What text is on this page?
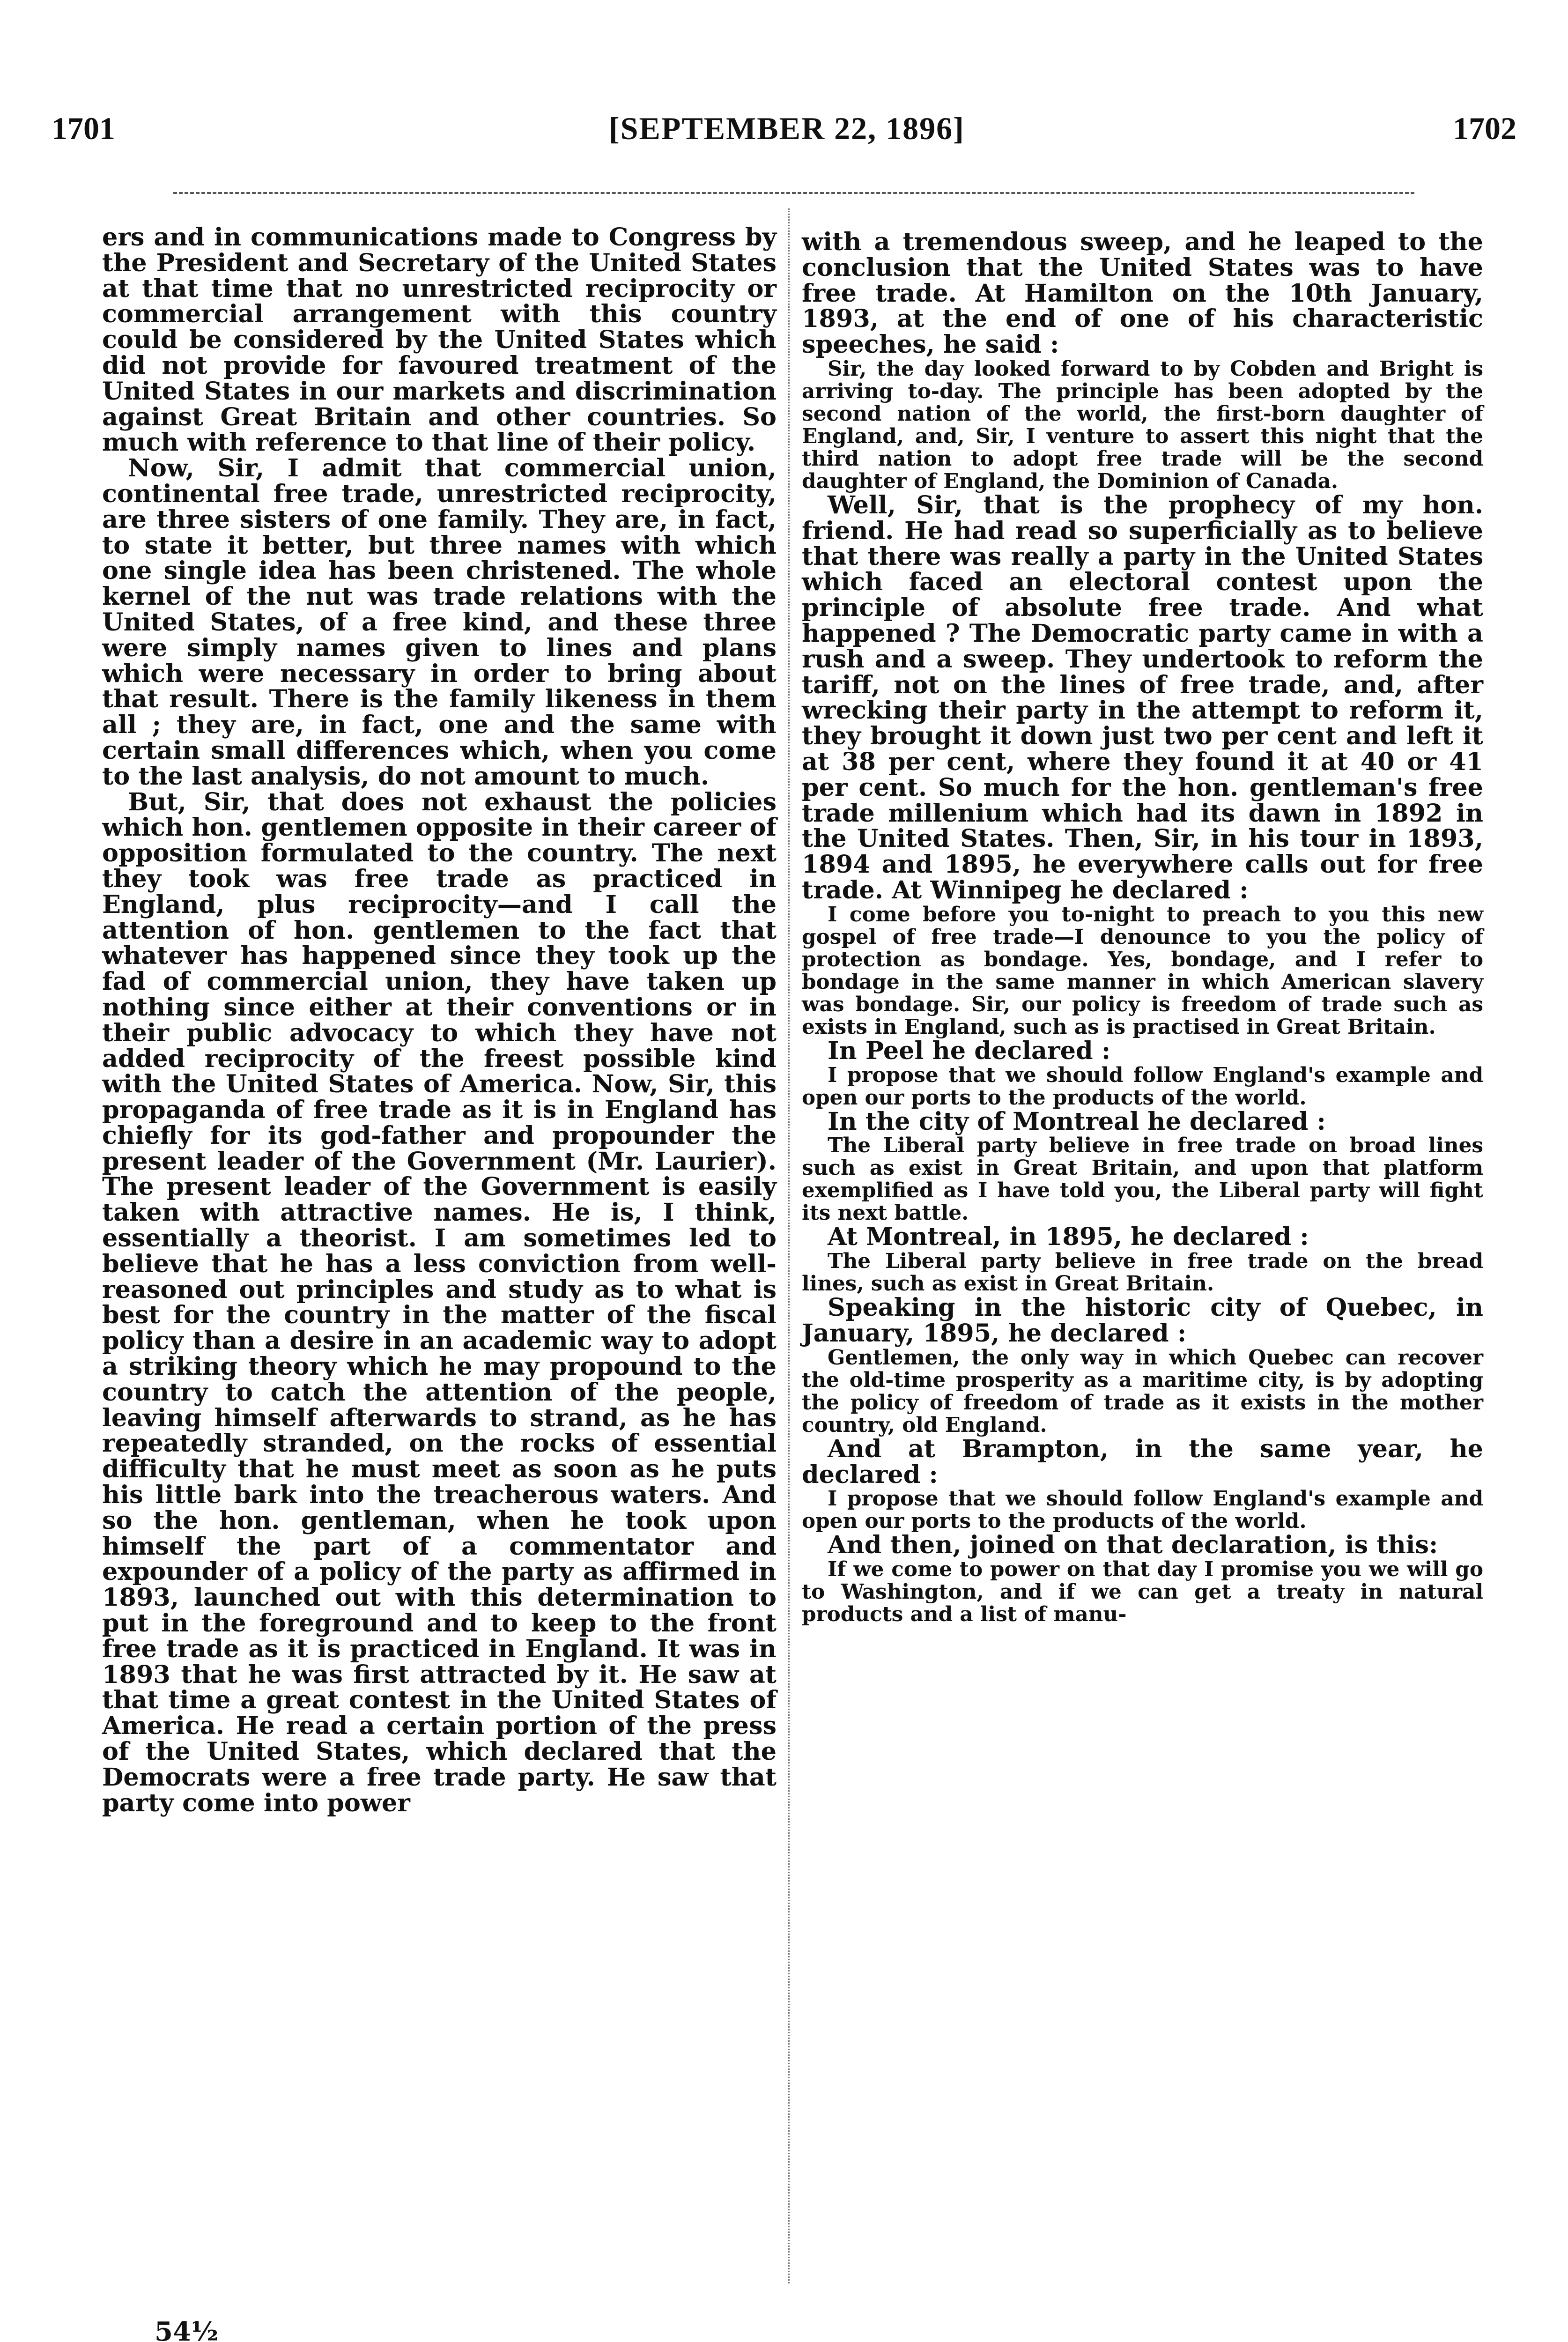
1701	[SEPTEMBER 22, 1896]	1702

ers and in communications made to Congress by the President and Secretary of the United States at that time that no unrestricted reciprocity or commercial arrangement with this country could be considered by the United States which did not provide for favoured treatment of the United States in our markets and discrimination against Great Britain and other countries. So much with reference to that line of their policy.

Now, Sir, I admit that commercial union, continental free trade, unrestricted reciprocity, are three sisters of one family. They are, in fact, to state it better, but three names with which one single idea has been christened. The whole kernel of the nut was trade relations with the United States, of a free kind, and these three were simply names given to lines and plans which were necessary in order to bring about that result. There is the family likeness in them all ; they are, in fact, one and the same with certain small differences which, when you come to the last analysis, do not amount to much.

But, Sir, that does not exhaust the policies which hon. gentlemen opposite in their career of opposition formulated to the country. The next they took was free trade as practiced in England, plus reciprocity—and I call the attention of hon. gentlemen to the fact that whatever has happened since they took up the fad of commercial union, they have taken up nothing since either at their conventions or in their public advocacy to which they have not added reciprocity of the freest possible kind with the United States of America. Now, Sir, this propaganda of free trade as it is in England has chiefly for its god-father and propounder the present leader of the Government (Mr. Laurier). The present leader of the Government is easily taken with attractive names. He is, I think, essentially a theorist. I am sometimes led to believe that he has a less conviction from well-reasoned out principles and study as to what is best for the country in the matter of the fiscal policy than a desire in an academic way to adopt a striking theory which he may propound to the country to catch the attention of the people, leaving himself afterwards to strand, as he has repeatedly stranded, on the rocks of essential difficulty that he must meet as soon as he puts his little bark into the treacherous waters. And so the hon. gentleman, when he took upon himself the part of a commentator and expounder of a policy of the party as affirmed in 1893, launched out with this determination to put in the foreground and to keep to the front free trade as it is practiced in England. It was in 1893 that he was first attracted by it. He saw at that time a great contest in the United States of America. He read a certain portion of the press of the United States, which declared that the Democrats were a free trade party. He saw that party come into power

with a tremendous sweep, and he leaped to the conclusion that the United States was to have free trade. At Hamilton on the 10th January, 1893, at the end of one of his characteristic speeches, he said :

Sir, the day looked forward to by Cobden and Bright is arriving to-day. The principle has been adopted by the second nation of the world, the first-born daughter of England, and, Sir, I venture to assert this night that the third nation to adopt free trade will be the second daughter of England, the Dominion of Canada.

Well, Sir, that is the prophecy of my hon. friend. He had read so superficially as to believe that there was really a party in the United States which faced an electoral contest upon the principle of absolute free trade. And what happened ? The Democratic party came in with a rush and a sweep. They undertook to reform the tariff, not on the lines of free trade, and, after wrecking their party in the attempt to reform it, they brought it down just two per cent and left it at 38 per cent, where they found it at 40 or 41 per cent. So much for the hon. gentleman's free trade millenium which had its dawn in 1892 in the United States. Then, Sir, in his tour in 1893, 1894 and 1895, he everywhere calls out for free trade. At Winnipeg he declared :

I come before you to-night to preach to you this new gospel of free trade—I denounce to you the policy of protection as bondage. Yes, bondage, and I refer to bondage in the same manner in which American slavery was bondage. Sir, our policy is freedom of trade such as exists in England, such as is practised in Great Britain.

In Peel he declared :

I propose that we should follow England's example and open our ports to the products of the world.

In the city of Montreal he declared :

The Liberal party believe in free trade on broad lines such as exist in Great Britain, and upon that platform exemplified as I have told you, the Liberal party will fight its next battle.

At Montreal, in 1895, he declared :

The Liberal party believe in free trade on the bread lines, such as exist in Great Britain.

Speaking in the historic city of Quebec, in January, 1895, he declared :

Gentlemen, the only way in which Quebec can recover the old-time prosperity as a maritime city, is by adopting the policy of freedom of trade as it exists in the mother country, old England.

And at Brampton, in the same year, he declared :

I propose that we should follow England's example and open our ports to the products of the world.

And then, joined on that declaration, is this:

If we come to power on that day I promise you we will go to Washington, and if we can get a treaty in natural products and a list of manu-

54½
